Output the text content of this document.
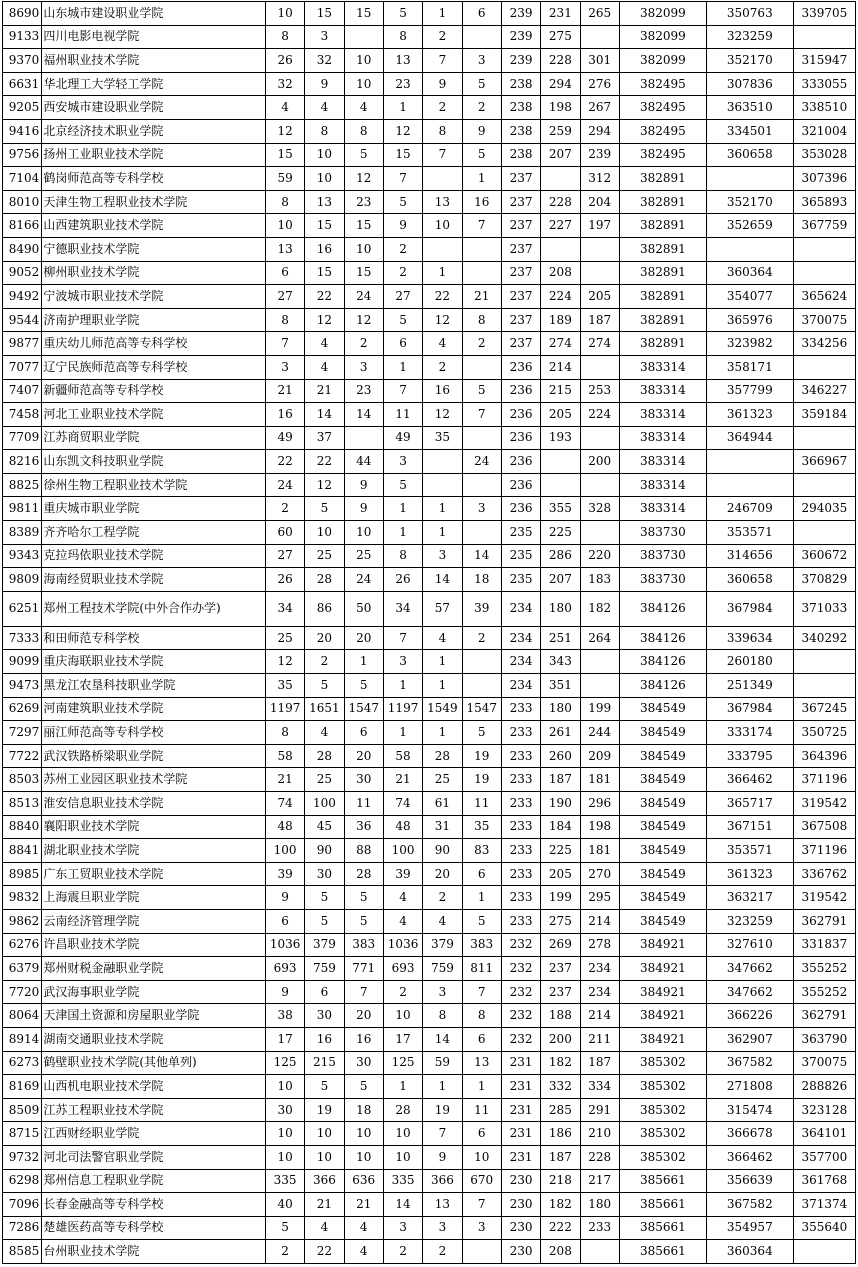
8690	山东城市建设职业学院	10	15	15	5	1	6	239	231	265	382099	350763	339705
9133	四川电影电视学院	8	3		8	2		239	275		382099	323259	
9370	福州职业技术学院	26	32	10	13	7	3	239	228	301	382099	352170	315947
6631	华北理工大学轻工学院	32	9	10	23	9	5	238	294	276	382495	307836	333055
9205	西安城市建设职业学院	4	4	4	1	2	2	238	198	267	382495	363510	338510
9416	北京经济技术职业学院	12	8	8	12	8	9	238	259	294	382495	334501	321004
9756	扬州工业职业技术学院	15	10	5	15	7	5	238	207	239	382495	360658	353028
7104	鹤岗师范高等专科学校	59	10	12	7		1	237		312	382891		307396
8010	天津生物工程职业技术学院	8	13	23	5	13	16	237	228	204	382891	352170	365893
8166	山西建筑职业技术学院	10	15	15	9	10	7	237	227	197	382891	352659	367759
8490	宁德职业技术学院	13	16	10	2			237			382891		
9052	柳州职业技术学院	6	15	15	2	1		237	208		382891	360364	
9492	宁波城市职业技术学院	27	22	24	27	22	21	237	224	205	382891	354077	365624
9544	济南护理职业学院	8	12	12	5	12	8	237	189	187	382891	365976	370075
9877	重庆幼儿师范高等专科学校	7	4	2	6	4	2	237	274	274	382891	323982	334256
7077	辽宁民族师范高等专科学校	3	4	3	1	2		236	214		383314	358171	
7407	新疆师范高等专科学校	21	21	23	7	16	5	236	215	253	383314	357799	346227
7458	河北工业职业技术学院	16	14	14	11	12	7	236	205	224	383314	361323	359184
7709	江苏商贸职业学院	49	37		49	35		236	193		383314	364944	
8216	山东凯文科技职业学院	22	22	44	3		24	236		200	383314		366967
8825	徐州生物工程职业技术学院	24	12	9	5			236			383314		
9811	重庆城市职业学院	2	5	9	1	1	3	236	355	328	383314	246709	294035
8389	齐齐哈尔工程学院	60	10	10	1	1		235	225		383730	353571	
9343	克拉玛依职业技术学院	27	25	25	8	3	14	235	286	220	383730	314656	360672
9809	海南经贸职业技术学院	26	28	24	26	14	18	235	207	183	383730	360658	370829
6251	郑州工程技术学院(中外合作办学)	34	86	50	34	57	39	234	180	182	384126	367984	371033
7333	和田师范专科学校	25	20	20	7	4	2	234	251	264	384126	339634	340292
9099	重庆海联职业技术学院	12	2	1	3	1		234	343		384126	260180	
9473	黑龙江农垦科技职业学院	35	5	5	1	1		234	351		384126	251349	
6269	河南建筑职业技术学院	1197	1651	1547	1197	1549	1547	233	180	199	384549	367984	367245
7297	丽江师范高等专科学校	8	4	6	1	1	5	233	261	244	384549	333174	350725
7722	武汉铁路桥梁职业学院	58	28	20	58	28	19	233	260	209	384549	333795	364396
8503	苏州工业园区职业技术学院	21	25	30	21	25	19	233	187	181	384549	366462	371196
8513	淮安信息职业技术学院	74	100	11	74	61	11	233	190	296	384549	365717	319542
8840	襄阳职业技术学院	48	45	36	48	31	35	233	184	198	384549	367151	367508
8841	湖北职业技术学院	100	90	88	100	90	83	233	225	181	384549	353571	371196
8985	广东工贸职业技术学院	39	30	28	39	20	6	233	205	270	384549	361323	336762
9832	上海震旦职业学院	9	5	5	4	2	1	233	199	295	384549	363217	319542
9862	云南经济管理学院	6	5	5	4	4	5	233	275	214	384549	323259	362791
6276	许昌职业技术学院	1036	379	383	1036	379	383	232	269	278	384921	327610	331837
6379	郑州财税金融职业学院	693	759	771	693	759	811	232	237	234	384921	347662	355252
7720	武汉海事职业学院	9	6	7	2	3	7	232	237	234	384921	347662	355252
8064	天津国土资源和房屋职业学院	38	30	20	10	8	8	232	188	214	384921	366226	362791
8914	湖南交通职业技术学院	17	16	16	17	14	6	232	200	211	384921	362907	363790
6273	鹤壁职业技术学院(其他单列)	125	215	30	125	59	13	231	182	187	385302	367582	370075
8169	山西机电职业技术学院	10	5	5	1	1	1	231	332	334	385302	271808	288826
8509	江苏工程职业技术学院	30	19	18	28	19	11	231	285	291	385302	315474	323128
8715	江西财经职业学院	10	10	10	10	7	6	231	186	210	385302	366678	364101
9732	河北司法警官职业学院	10	10	10	10	9	10	231	187	228	385302	366462	357700
6298	郑州信息工程职业学院	335	366	636	335	366	670	230	218	217	385661	356639	361768
7096	长春金融高等专科学校	40	21	21	14	13	7	230	182	180	385661	367582	371374
7286	楚雄医药高等专科学校	5	4	4	3	3	3	230	222	233	385661	354957	355640
8585	台州职业技术学院	2	22	4	2	2		230	208		385661	360364	
